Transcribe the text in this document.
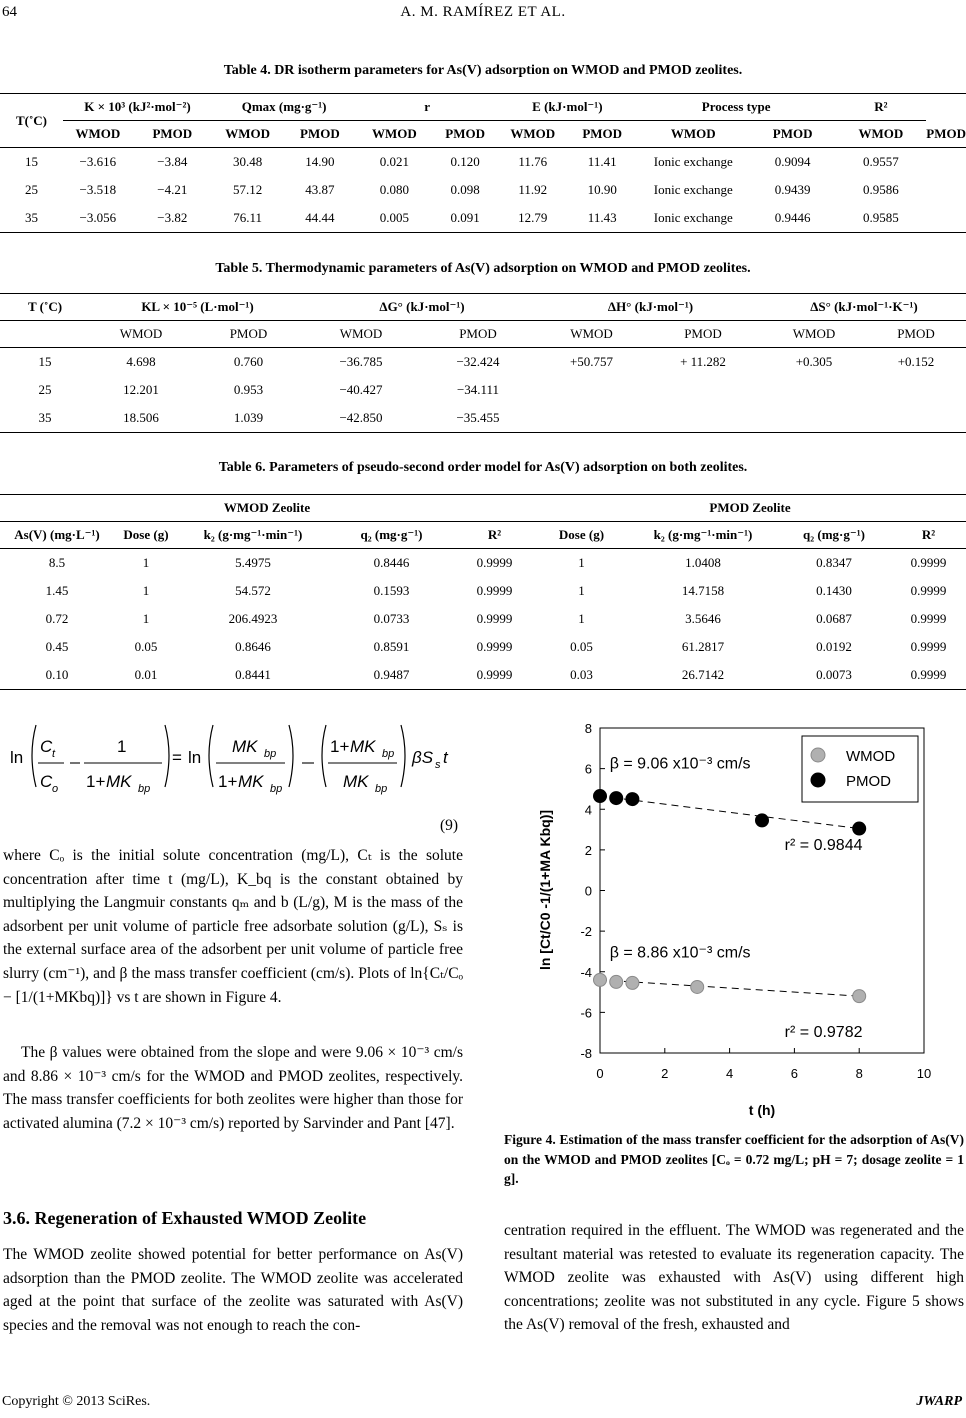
64	A. M. RAMÍREZ ET AL.
Table 4. DR isotherm parameters for As(V) adsorption on WMOD and PMOD zeolites.
T(˚C)	K × 10³ (kJ²·mol⁻²)		Qmax (mg·g⁻¹)		r		E (kJ·mol⁻¹)		Process type		R²	
	WMOD	PMOD	WMOD	PMOD	WMOD	PMOD	WMOD	PMOD	WMOD	PMOD	WMOD	PMOD
15	−3.616	−3.84	30.48	14.90	0.021	0.120	11.76	11.41	Ionic exchange	0.9094	0.9557	
25	−3.518	−4.21	57.12	43.87	0.080	0.098	11.92	10.90	Ionic exchange	0.9439	0.9586	
35	−3.056	−3.82	76.11	44.44	0.005	0.091	12.79	11.43	Ionic exchange	0.9446	0.9585	
Table 5. Thermodynamic parameters of As(V) adsorption on WMOD and PMOD zeolites.
T (˚C)	KL × 10⁻⁵ (L·mol⁻¹)		ΔG° (kJ·mol⁻¹)		ΔH° (kJ·mol⁻¹)		ΔS° (kJ·mol⁻¹·K⁻¹)	
	WMOD	PMOD	WMOD	PMOD	WMOD	PMOD	WMOD	PMOD
15	4.698	0.760	−36.785	−32.424	+50.757	+ 11.282	+0.305	+0.152
25	12.201	0.953	−40.427	−34.111				
35	18.506	1.039	−42.850	−35.455				
Table 6. Parameters of pseudo-second order model for As(V) adsorption on both zeolites.
WMOD Zeolite					PMOD Zeolite			
As(V) (mg·L⁻¹)	Dose (g)	k₂ (g·mg⁻¹·min⁻¹)	q₂ (mg·g⁻¹)	R²	Dose (g)	k₂ (g·mg⁻¹·min⁻¹)	q₂ (mg·g⁻¹)	R²
8.5	1	5.4975	0.8446	0.9999	1	1.0408	0.8347	0.9999
1.45	1	54.572	0.1593	0.9999	1	14.7158	0.1430	0.9999
0.72	1	206.4923	0.0733	0.9999	1	3.5646	0.0687	0.9999
0.45	0.05	0.8646	0.8591	0.9999	0.05	61.2817	0.0192	0.9999
0.10	0.01	0.8441	0.9487	0.9999	0.03	26.7142	0.0073	0.9999
ln
C t
C o
1
1+ MK bp
= ln
MK bp
1+ MK bp
1+ MK bp
MK bp
βS s t
(9)
where Cₒ is the initial solute concentration (mg/L), Cₜ is the solute concentration after time t (mg/L), K_bq is the constant obtained by multiplying the Langmuir constants qₘ and b (L/g), M is the mass of the adsorbent per unit volume of particle free adsorbate solution (g/L), Sₛ is the external surface area of the adsorbent per unit volume of particle free slurry (cm⁻¹), and β the mass transfer coefficient (cm/s). Plots of ln{Cₜ/Cₒ − [1/(1+MKbq)]} vs t are shown in Figure 4.
The β values were obtained from the slope and were 9.06 × 10⁻³ cm/s and 8.86 × 10⁻³ cm/s for the WMOD and PMOD zeolites, respectively. The mass transfer coefficients for both zeolites were higher than those for activated alumina (7.2 × 10⁻³ cm/s) reported by Sarvinder and Pant [47].
3.6. Regeneration of Exhausted WMOD Zeolite
The WMOD zeolite showed potential for better performance on As(V) adsorption than the PMOD zeolite. The WMOD zeolite was accelerated aged at the point that surface of the zeolite was saturated with As(V) species and the removal was not enough to reach the con-
-8
-6
-4
-2
0
2
4
6
8
0	2	4	6	8	10
β = 9.06 x10⁻³ cm/s
r² = 0.9844
β = 8.86 x10⁻³ cm/s
r² = 0.9782
WMOD
PMOD
ln [Ct/C0 -1/(1+MA Kbq)]
t (h)
Figure 4. Estimation of the mass transfer coefficient for the adsorption of As(V) on the WMOD and PMOD zeolites [Cₒ = 0.72 mg/L; pH = 7; dosage zeolite = 1 g].
centration required in the effluent. The WMOD was regenerated and the resultant material was retested to evaluate its regeneration capacity. The WMOD zeolite was exhausted with As(V) using different high concentrations; zeolite was not substituted in any cycle. Figure 5 shows the As(V) removal of the fresh, exhausted and
Copyright © 2013 SciRes.	JWARP
